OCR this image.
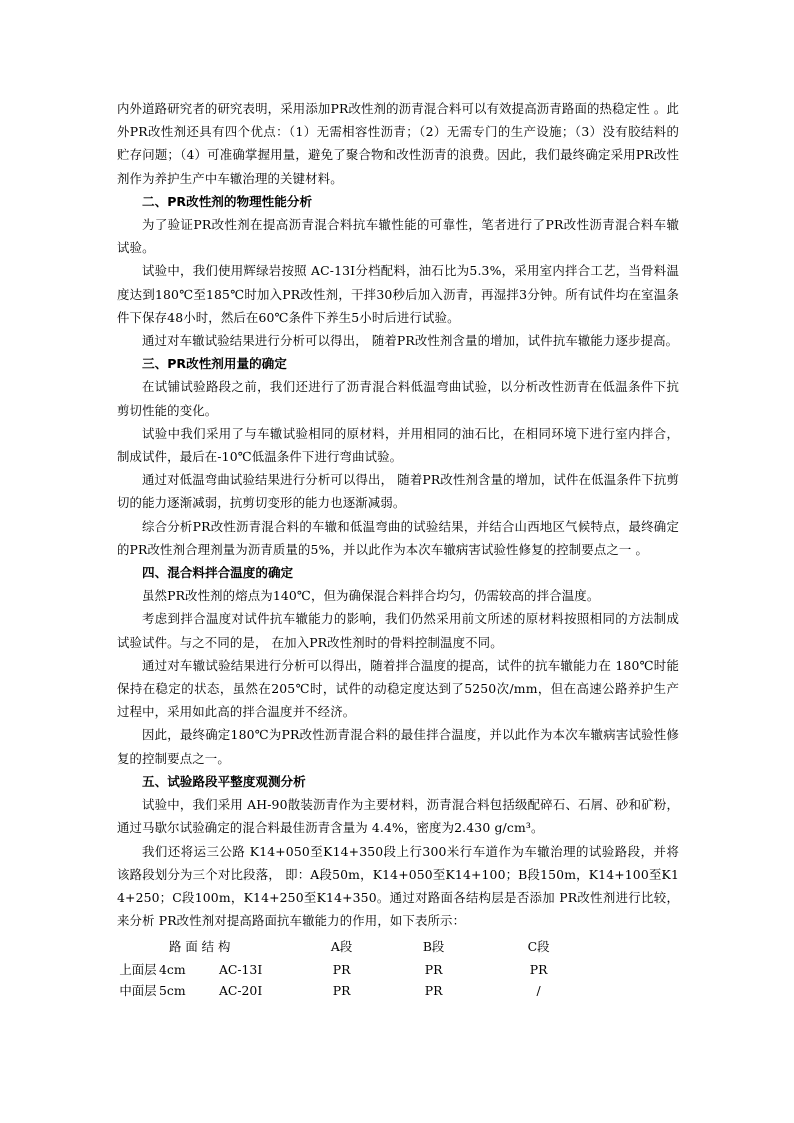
内外道路研究者的研究表明，采用添加PR改性剂的沥青混合料可以有效提高沥青路面的热稳定性 。此外PR改性剂还具有四个优点：（1）无需相容性沥青；（2）无需专门的生产设施；（3）没有胶结料的贮存问题；（4）可准确掌握用量，避免了聚合物和改性沥青的浪费。因此，我们最终确定采用PR改性剂作为养护生产中车辙治理的关键材料。

二、PR改性剂的物理性能分析

为了验证PR改性剂在提高沥青混合料抗车辙性能的可靠性，笔者进行了PR改性沥青混合料车辙试验。

试验中，我们使用辉绿岩按照 AC-13I分档配料，油石比为5.3%，采用室内拌合工艺，当骨料温度达到180℃至185℃时加入PR改性剂，干拌30秒后加入沥青，再湿拌3分钟。所有试件均在室温条件下保存48小时，然后在60℃条件下养生5小时后进行试验。

通过对车辙试验结果进行分析可以得出， 随着PR改性剂含量的增加，试件抗车辙能力逐步提高。

三、PR改性剂用量的确定

在试铺试验路段之前，我们还进行了沥青混合料低温弯曲试验，以分析改性沥青在低温条件下抗剪切性能的变化。

试验中我们采用了与车辙试验相同的原材料，并用相同的油石比，在相同环境下进行室内拌合，制成试件，最后在-10℃低温条件下进行弯曲试验。

通过对低温弯曲试验结果进行分析可以得出， 随着PR改性剂含量的增加，试件在低温条件下抗剪切的能力逐渐减弱，抗剪切变形的能力也逐渐减弱。

综合分析PR改性沥青混合料的车辙和低温弯曲的试验结果，并结合山西地区气候特点，最终确定的PR改性剂合理剂量为沥青质量的5%，并以此作为本次车辙病害试验性修复的控制要点之一 。

四、混合料拌合温度的确定

虽然PR改性剂的熔点为140℃，但为确保混合料拌合均匀，仍需较高的拌合温度。

考虑到拌合温度对试件抗车辙能力的影响，我们仍然采用前文所述的原材料按照相同的方法制成试验试件。与之不同的是， 在加入PR改性剂时的骨料控制温度不同。

通过对车辙试验结果进行分析可以得出，随着拌合温度的提高，试件的抗车辙能力在 180℃时能保持在稳定的状态，虽然在205℃时，试件的动稳定度达到了5250次/mm，但在高速公路养护生产过程中，采用如此高的拌合温度并不经济。

因此，最终确定180℃为PR改性沥青混合料的最佳拌合温度，并以此作为本次车辙病害试验性修复的控制要点之一。

五、试验路段平整度观测分析

试验中，我们采用 AH-90散装沥青作为主要材料，沥青混合料包括级配碎石、石屑、砂和矿粉，通过马歇尔试验确定的混合料最佳沥青含量为 4.4%，密度为2.430 g/cm³。

我们还将运三公路 K14+050至K14+350段上行300米行车道作为车辙治理的试验路段，并将该路段划分为三个对比段落， 即：A段50m，K14+050至K14+100；B段150m，K14+100至K14+250；C段100m，K14+250至K14+350。通过对路面各结构层是否添加 PR改性剂进行比较，来分析 PR改性剂对提高路面抗车辙能力的作用，如下表所示：

路 面 结 构			A段	B段	C段
上面层	4cm	AC-13I	PR	PR	PR
中面层	5cm	AC-20I	PR	PR	/
